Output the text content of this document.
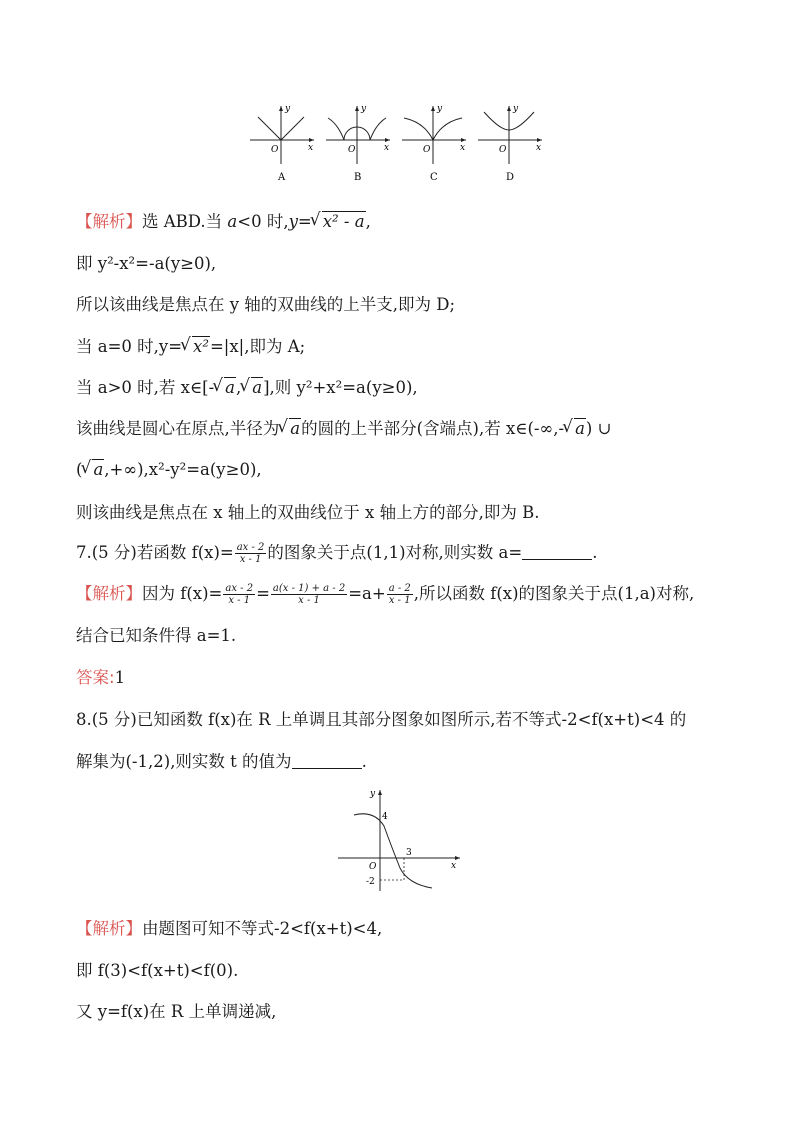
y
x
O
A
y
x
O
B
y
x
O
C
y
x
O
D
【解析】选 ABD.当 a<0 时,y= √ x² - a,
即 y²-x²=-a(y≥0),
所以该曲线是焦点在 y 轴的双曲线的上半支,即为 D;
当 a=0 时,y= √ x²=|x|,即为 A;
当 a>0 时,若 x∈[- √ a, √ a],则 y²+x²=a(y≥0),
该曲线是圆心在原点,半径为 √ a的圆的上半部分(含端点),若 x∈(-∞,- √ a) ∪
( √ a,+∞),x²-y²=a(y≥0),
则该曲线是焦点在 x 轴上的双曲线位于 x 轴上方的部分,即为 B.
7.(5 分)若函数 $f(x)= \frac{ax - 2}{x - 1}$ 的图象关于点(1,1)对称,则实数 a=	.
【解析】因为 $f(x)= \frac{ax - 2}{x - 1} = \frac{a(x - 1) + a - 2}{x - 1} =a+ \frac{a - 2}{x - 1}$ ,所以函数 f(x)的图象关于点(1,a)对称,
结合已知条件得 a=1.
答案:1
8.(5 分)已知函数 f(x)在 R 上单调且其部分图象如图所示,若不等式-2<f(x+t)<4 的
解集为(-1,2),则实数 t 的值为	.
y
x
O
4
3
-2
【解析】由题图可知不等式-2<f(x+t)<4,
即 f(3)<f(x+t)<f(0).
又 y=f(x)在 R 上单调递减,
